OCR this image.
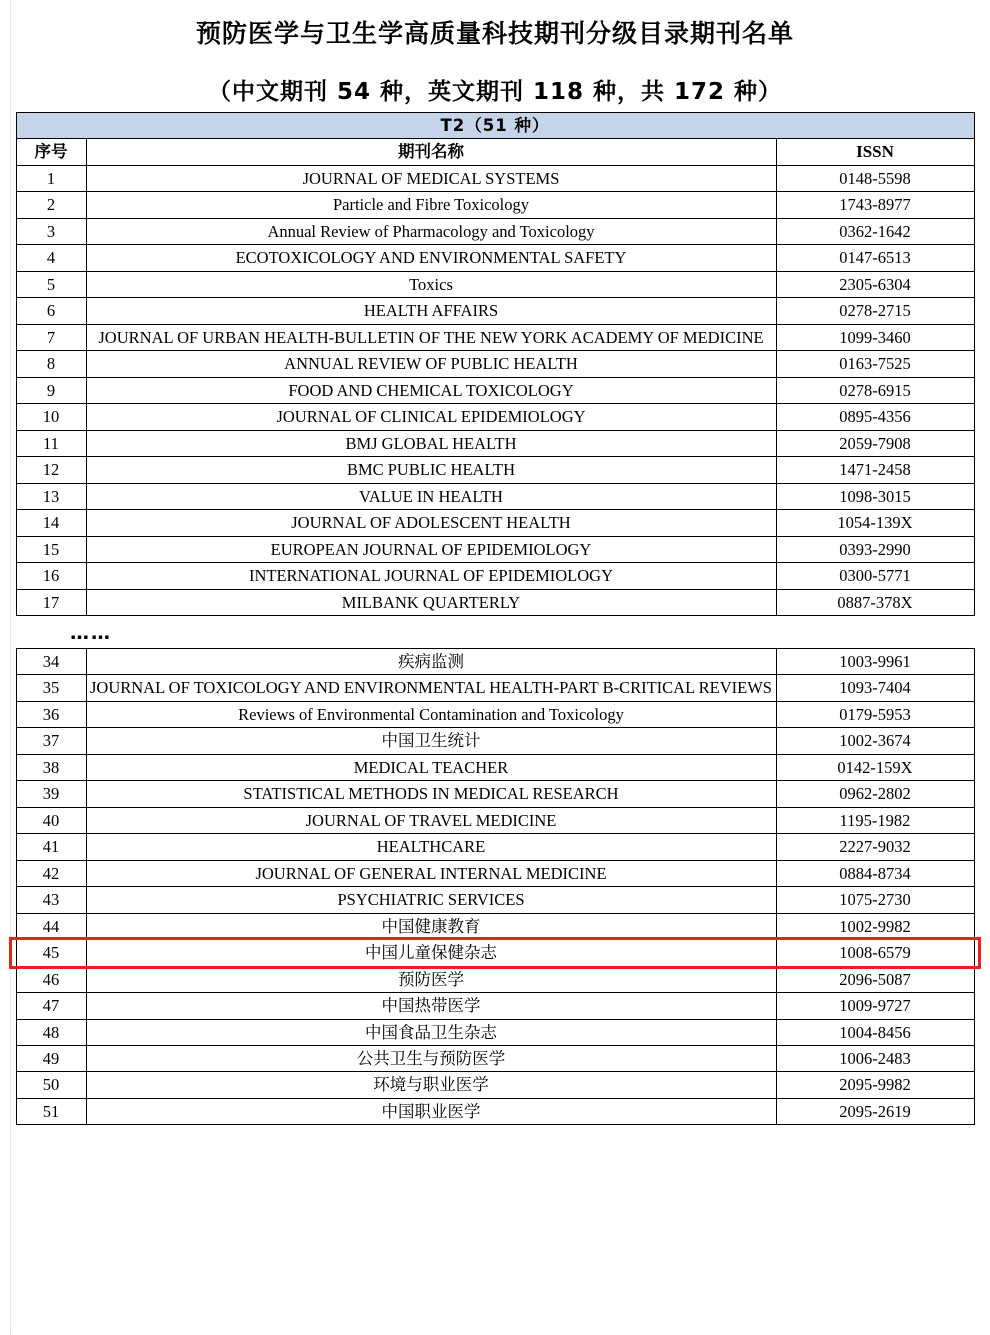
预防医学与卫生学高质量科技期刊分级目录期刊名单
（中文期刊 54 种，英文期刊 118 种，共 172 种）
T2（51 种）		
序号	期刊名称	ISSN
1	JOURNAL OF MEDICAL SYSTEMS	0148-5598
2	Particle and Fibre Toxicology	1743-8977
3	Annual Review of Pharmacology and Toxicology	0362-1642
4	ECOTOXICOLOGY AND ENVIRONMENTAL SAFETY	0147-6513
5	Toxics	2305-6304
6	HEALTH AFFAIRS	0278-2715
7	JOURNAL OF URBAN HEALTH-BULLETIN OF THE NEW YORK ACADEMY OF MEDICINE	1099-3460
8	ANNUAL REVIEW OF PUBLIC HEALTH	0163-7525
9	FOOD AND CHEMICAL TOXICOLOGY	0278-6915
10	JOURNAL OF CLINICAL EPIDEMIOLOGY	0895-4356
11	BMJ GLOBAL HEALTH	2059-7908
12	BMC PUBLIC HEALTH	1471-2458
13	VALUE IN HEALTH	1098-3015
14	JOURNAL OF ADOLESCENT HEALTH	1054-139X
15	EUROPEAN JOURNAL OF EPIDEMIOLOGY	0393-2990
16	INTERNATIONAL JOURNAL OF EPIDEMIOLOGY	0300-5771
17	MILBANK QUARTERLY	0887-378X
……
34	疾病监测	1003-9961
35	JOURNAL OF TOXICOLOGY AND ENVIRONMENTAL HEALTH-PART B-CRITICAL REVIEWS	1093-7404
36	Reviews of Environmental Contamination and Toxicology	0179-5953
37	中国卫生统计	1002-3674
38	MEDICAL TEACHER	0142-159X
39	STATISTICAL METHODS IN MEDICAL RESEARCH	0962-2802
40	JOURNAL OF TRAVEL MEDICINE	1195-1982
41	HEALTHCARE	2227-9032
42	JOURNAL OF GENERAL INTERNAL MEDICINE	0884-8734
43	PSYCHIATRIC SERVICES	1075-2730
44	中国健康教育	1002-9982
45	中国儿童保健杂志	1008-6579
46	预防医学	2096-5087
47	中国热带医学	1009-9727
48	中国食品卫生杂志	1004-8456
49	公共卫生与预防医学	1006-2483
50	环境与职业医学	2095-9982
51	中国职业医学	2095-2619
